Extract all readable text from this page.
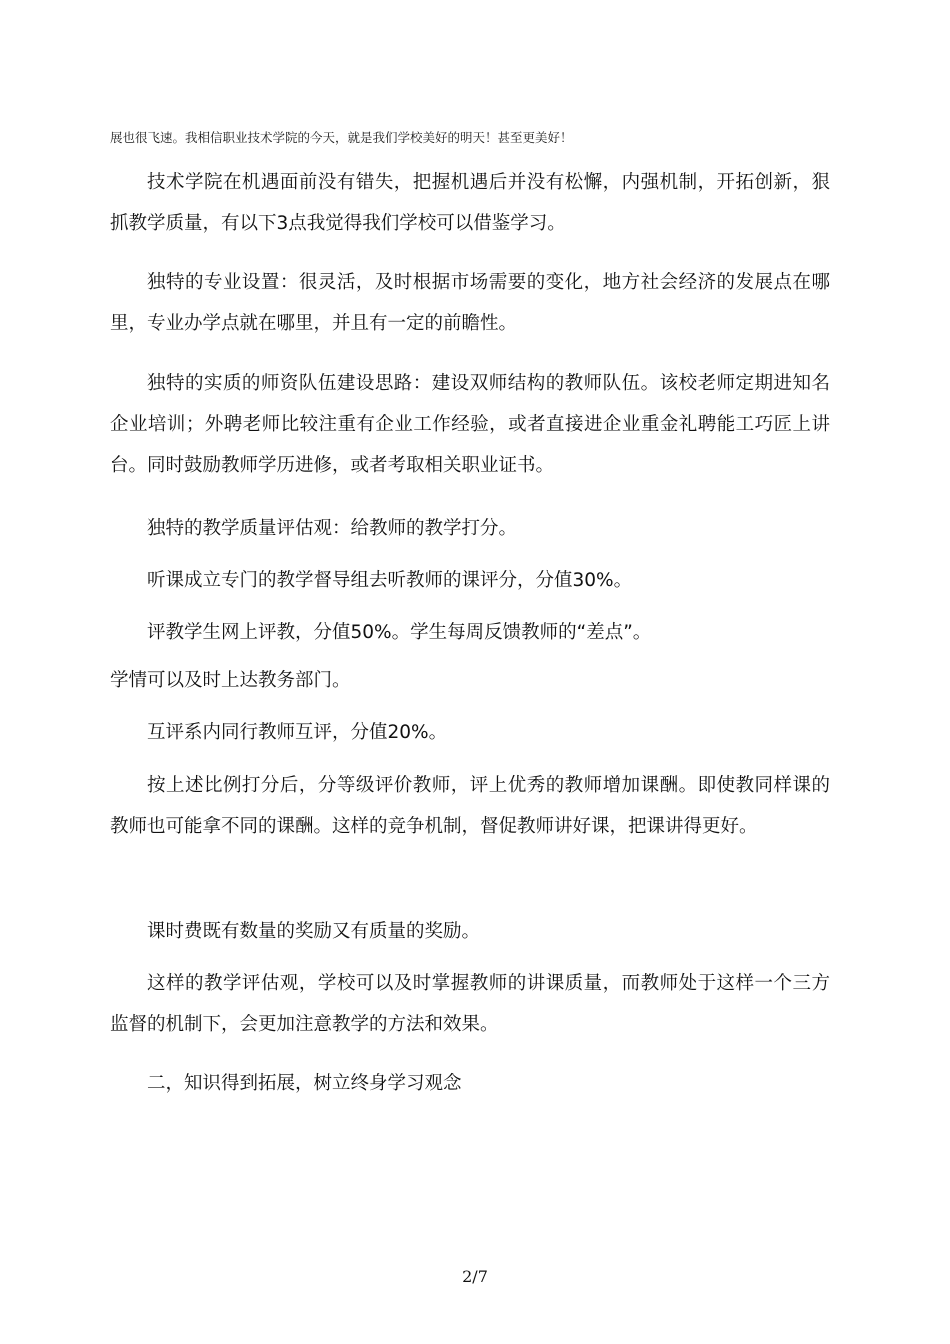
展也很飞速。我相信职业技术学院的今天，就是我们学校美好的明天！甚至更美好！

技术学院在机遇面前没有错失，把握机遇后并没有松懈，内强机制，开拓创新，狠抓教学质量，有以下3点我觉得我们学校可以借鉴学习。

独特的专业设置：很灵活，及时根据市场需要的变化，地方社会经济的发展点在哪里，专业办学点就在哪里，并且有一定的前瞻性。

独特的实质的师资队伍建设思路：建设双师结构的教师队伍。该校老师定期进知名企业培训；外聘老师比较注重有企业工作经验，或者直接进企业重金礼聘能工巧匠上讲台。同时鼓励教师学历进修，或者考取相关职业证书。

独特的教学质量评估观：给教师的教学打分。

听课成立专门的教学督导组去听教师的课评分，分值30%。

评教学生网上评教，分值50%。学生每周反馈教师的“差点”。

学情可以及时上达教务部门。

互评系内同行教师互评，分值20%。

按上述比例打分后，分等级评价教师，评上优秀的教师增加课酬。即使教同样课的教师也可能拿不同的课酬。这样的竞争机制，督促教师讲好课，把课讲得更好。

课时费既有数量的奖励又有质量的奖励。

这样的教学评估观，学校可以及时掌握教师的讲课质量，而教师处于这样一个三方监督的机制下，会更加注意教学的方法和效果。

二，知识得到拓展，树立终身学习观念

2/7
